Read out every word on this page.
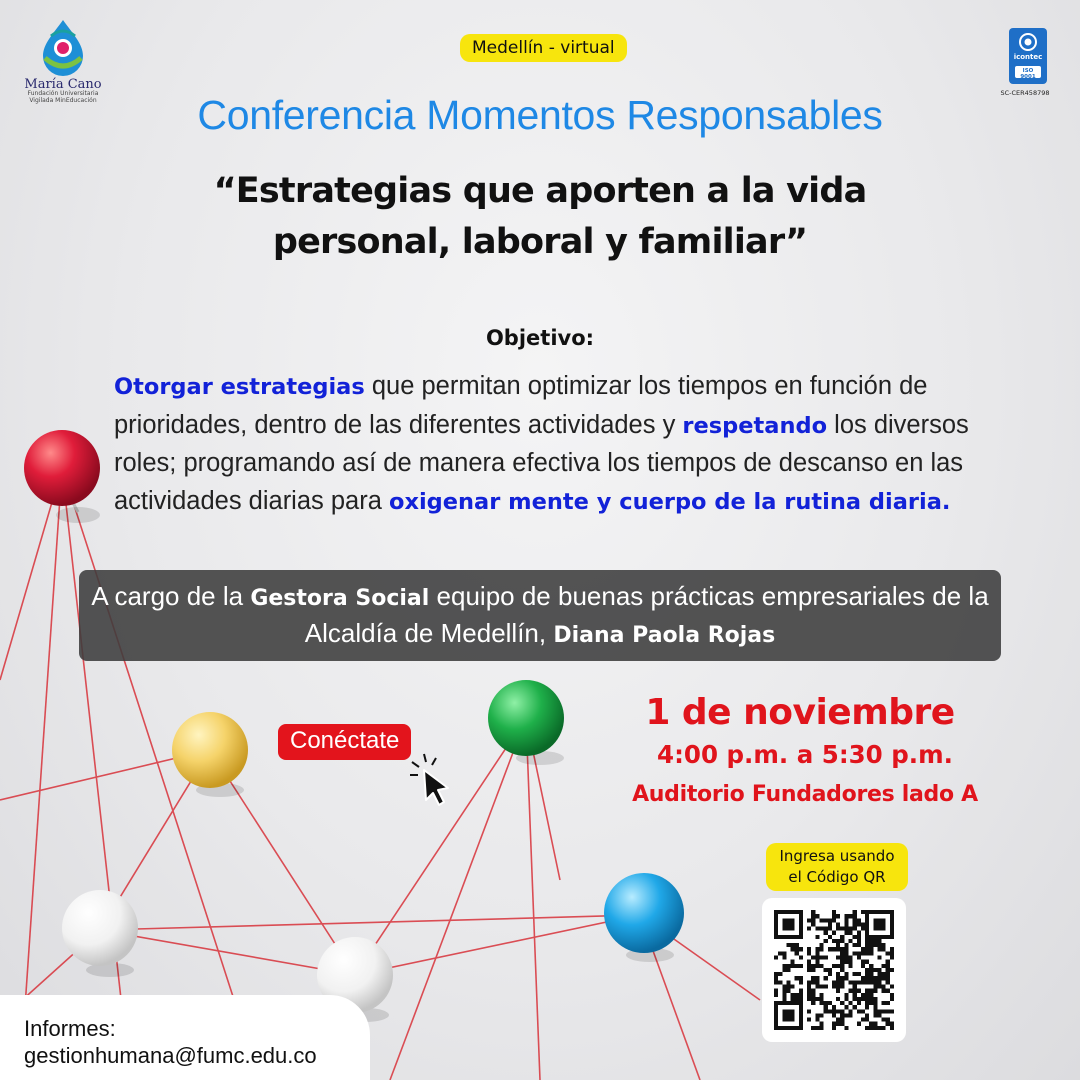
María Cano
Fundación Universitaria
Vigilada MinEducación
icontec
ISO 9001
SC-CER458798
Medellín - virtual
Conferencia Momentos Responsables
“Estrategias que aporten a la vida
personal, laboral y familiar”
Objetivo:
Otorgar estrategias que permitan optimizar los tiempos en función de prioridades, dentro de las diferentes actividades y respetando los diversos roles; programando así de manera efectiva los tiempos de descanso en las actividades diarias para oxigenar mente y cuerpo de la rutina diaria.
A cargo de la Gestora Social equipo de buenas prácticas empresariales de la Alcaldía de Medellín, Diana Paola Rojas
1 de noviembre
4:00 p.m. a 5:30 p.m.
Auditorio Fundadores lado A
Conéctate
Ingresa usando
el Código QR
Informes:
gestionhumana@fumc.edu.co
